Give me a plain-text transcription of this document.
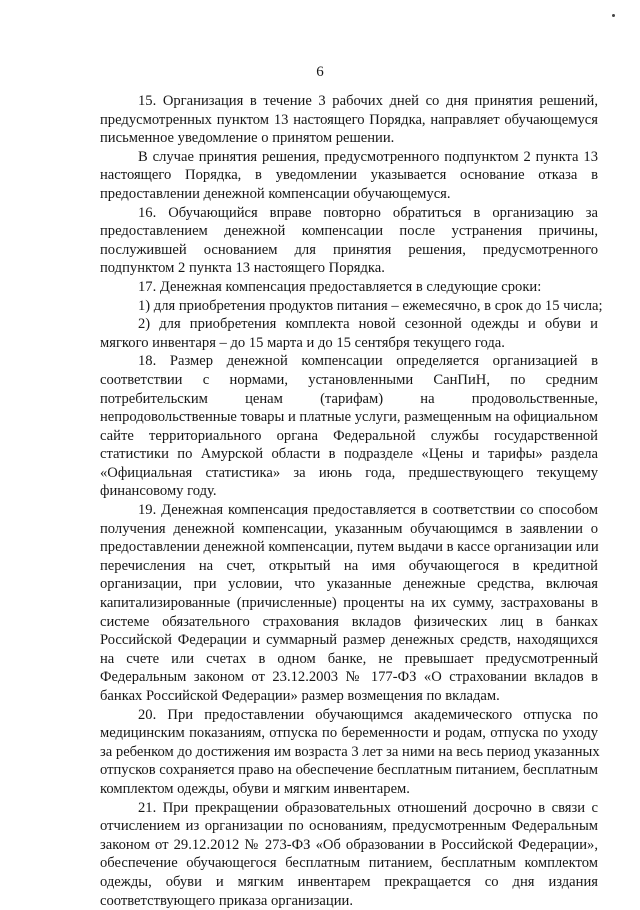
6
15. Организация в течение 3 рабочих дней со дня принятия решений,
предусмотренных пунктом 13 настоящего Порядка, направляет обучающемуся
письменное уведомление о принятом решении.
В случае принятия решения, предусмотренного подпунктом 2 пункта 13
настоящего Порядка, в уведомлении указывается основание отказа в
предоставлении денежной компенсации обучающемуся.
16. Обучающийся вправе повторно обратиться в организацию за
предоставлением денежной компенсации после устранения причины,
послужившей основанием для принятия решения, предусмотренного
подпунктом 2 пункта 13 настоящего Порядка.
17. Денежная компенсация предоставляется в следующие сроки:
1) для приобретения продуктов питания – ежемесячно, в срок до 15 числа;
2) для приобретения комплекта новой сезонной одежды и обуви и
мягкого инвентаря – до 15 марта и до 15 сентября текущего года.
18. Размер денежной компенсации определяется организацией в
соответствии с нормами, установленными СанПиН, по средним
потребительским ценам (тарифам) на продовольственные,
непродовольственные товары и платные услуги, размещенным на официальном
сайте территориального органа Федеральной службы государственной
статистики по Амурской области в подразделе «Цены и тарифы» раздела
«Официальная статистика» за июнь года, предшествующего текущему
финансовому году.
19. Денежная компенсация предоставляется в соответствии со способом
получения денежной компенсации, указанным обучающимся в заявлении о
предоставлении денежной компенсации, путем выдачи в кассе организации или
перечисления на счет, открытый на имя обучающегося в кредитной
организации, при условии, что указанные денежные средства, включая
капитализированные (причисленные) проценты на их сумму, застрахованы в
системе обязательного страхования вкладов физических лиц в банках
Российской Федерации и суммарный размер денежных средств, находящихся
на счете или счетах в одном банке, не превышает предусмотренный
Федеральным законом от 23.12.2003 № 177-ФЗ «О страховании вкладов в
банках Российской Федерации» размер возмещения по вкладам.
20. При предоставлении обучающимся академического отпуска по
медицинским показаниям, отпуска по беременности и родам, отпуска по уходу
за ребенком до достижения им возраста 3 лет за ними на весь период указанных
отпусков сохраняется право на обеспечение бесплатным питанием, бесплатным
комплектом одежды, обуви и мягким инвентарем.
21. При прекращении образовательных отношений досрочно в связи с
отчислением из организации по основаниям, предусмотренным Федеральным
законом от 29.12.2012 № 273-ФЗ «Об образовании в Российской Федерации»,
обеспечение обучающегося бесплатным питанием, бесплатным комплектом
одежды, обуви и мягким инвентарем прекращается со дня издания
соответствующего приказа организации.
